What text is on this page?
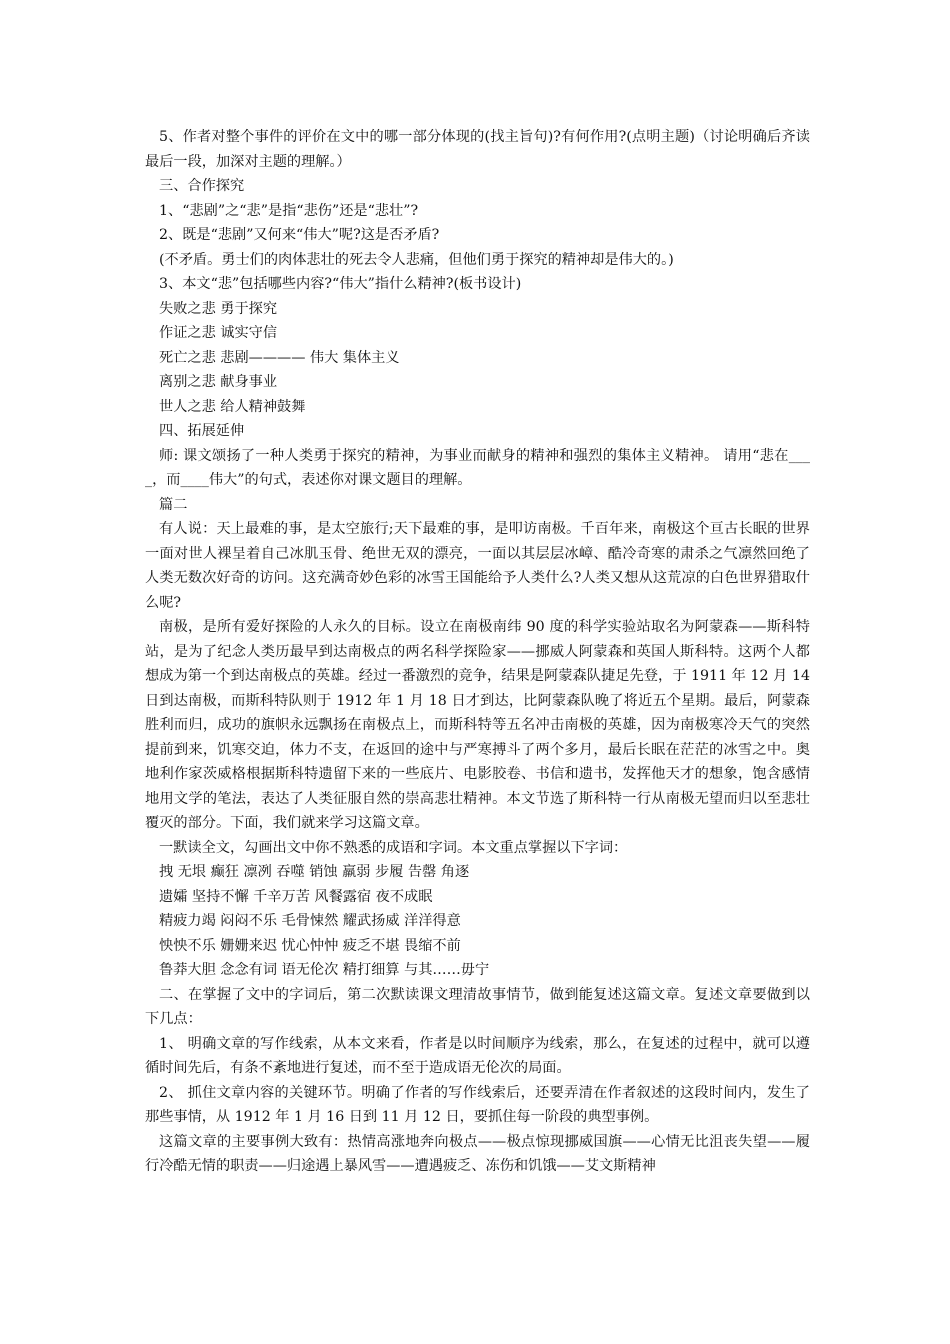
5、作者对整个事件的评价在文中的哪一部分体现的(找主旨句)?有何作用?(点明主题)（讨论明确后齐读最后一段，加深对主题的理解。）

三、合作探究

1、“悲剧”之“悲”是指“悲伤”还是“悲壮”?

2、既是“悲剧”又何来“伟大”呢?这是否矛盾?

(不矛盾。勇士们的肉体悲壮的死去令人悲痛，但他们勇于探究的精神却是伟大的。)

3、本文“悲”包括哪些内容?“伟大”指什么精神?(板书设计)

失败之悲 勇于探究

作证之悲 诚实守信

死亡之悲 悲剧———— 伟大 集体主义

离别之悲 献身事业

世人之悲 给人精神鼓舞

四、拓展延伸

师: 课文颂扬了一种人类勇于探究的精神，为事业而献身的精神和强烈的集体主义精神。 请用“悲在____，而____伟大”的句式，表述你对课文题目的理解。

篇二

有人说：天上最难的事，是太空旅行;天下最难的事，是叩访南极。千百年来，南极这个亘古长眠的世界一面对世人裸呈着自己冰肌玉骨、绝世无双的漂亮，一面以其层层冰嶂、酷冷奇寒的肃杀之气凛然回绝了人类无数次好奇的访问。这充满奇妙色彩的冰雪王国能给予人类什么?人类又想从这荒凉的白色世界猎取什么呢?

南极，是所有爱好探险的人永久的目标。设立在南极南纬 90 度的科学实验站取名为阿蒙森——斯科特站，是为了纪念人类历最早到达南极点的两名科学探险家——挪威人阿蒙森和英国人斯科特。这两个人都想成为第一个到达南极点的英雄。经过一番激烈的竞争，结果是阿蒙森队捷足先登，于 1911 年 12 月 14 日到达南极，而斯科特队则于 1912 年 1 月 18 日才到达，比阿蒙森队晚了将近五个星期。最后，阿蒙森胜利而归，成功的旗帜永远飘扬在南极点上，而斯科特等五名冲击南极的英雄，因为南极寒冷天气的突然提前到来，饥寒交迫，体力不支，在返回的途中与严寒搏斗了两个多月，最后长眠在茫茫的冰雪之中。奥地利作家茨威格根据斯科特遗留下来的一些底片、电影胶卷、书信和遗书，发挥他天才的想象，饱含感情地用文学的笔法，表达了人类征服自然的崇高悲壮精神。本文节选了斯科特一行从南极无望而归以至悲壮覆灭的部分。下面，我们就来学习这篇文章。

一默读全文，勾画出文中你不熟悉的成语和字词。本文重点掌握以下字词：

拽 无垠 癫狂 凛冽 吞噬 销蚀 羸弱 步履 告罄 角逐

遗孀 坚持不懈 千辛万苦 风餐露宿 夜不成眠

精疲力竭 闷闷不乐 毛骨悚然 耀武扬威 洋洋得意

怏怏不乐 姗姗来迟 忧心忡忡 疲乏不堪 畏缩不前

鲁莽大胆 念念有词 语无伦次 精打细算 与其……毋宁

二、在掌握了文中的字词后，第二次默读课文理清故事情节，做到能复述这篇文章。复述文章要做到以下几点：

1、 明确文章的写作线索，从本文来看，作者是以时间顺序为线索，那么，在复述的过程中，就可以遵循时间先后，有条不紊地进行复述，而不至于造成语无伦次的局面。

2、 抓住文章内容的关键环节。明确了作者的写作线索后，还要弄清在作者叙述的这段时间内，发生了那些事情，从 1912 年 1 月 16 日到 11 月 12 日，要抓住每一阶段的典型事例。

这篇文章的主要事例大致有：热情高涨地奔向极点——极点惊现挪威国旗——心情无比沮丧失望——履行冷酷无情的职责——归途遇上暴风雪——遭遇疲乏、冻伤和饥饿——艾文斯精神
